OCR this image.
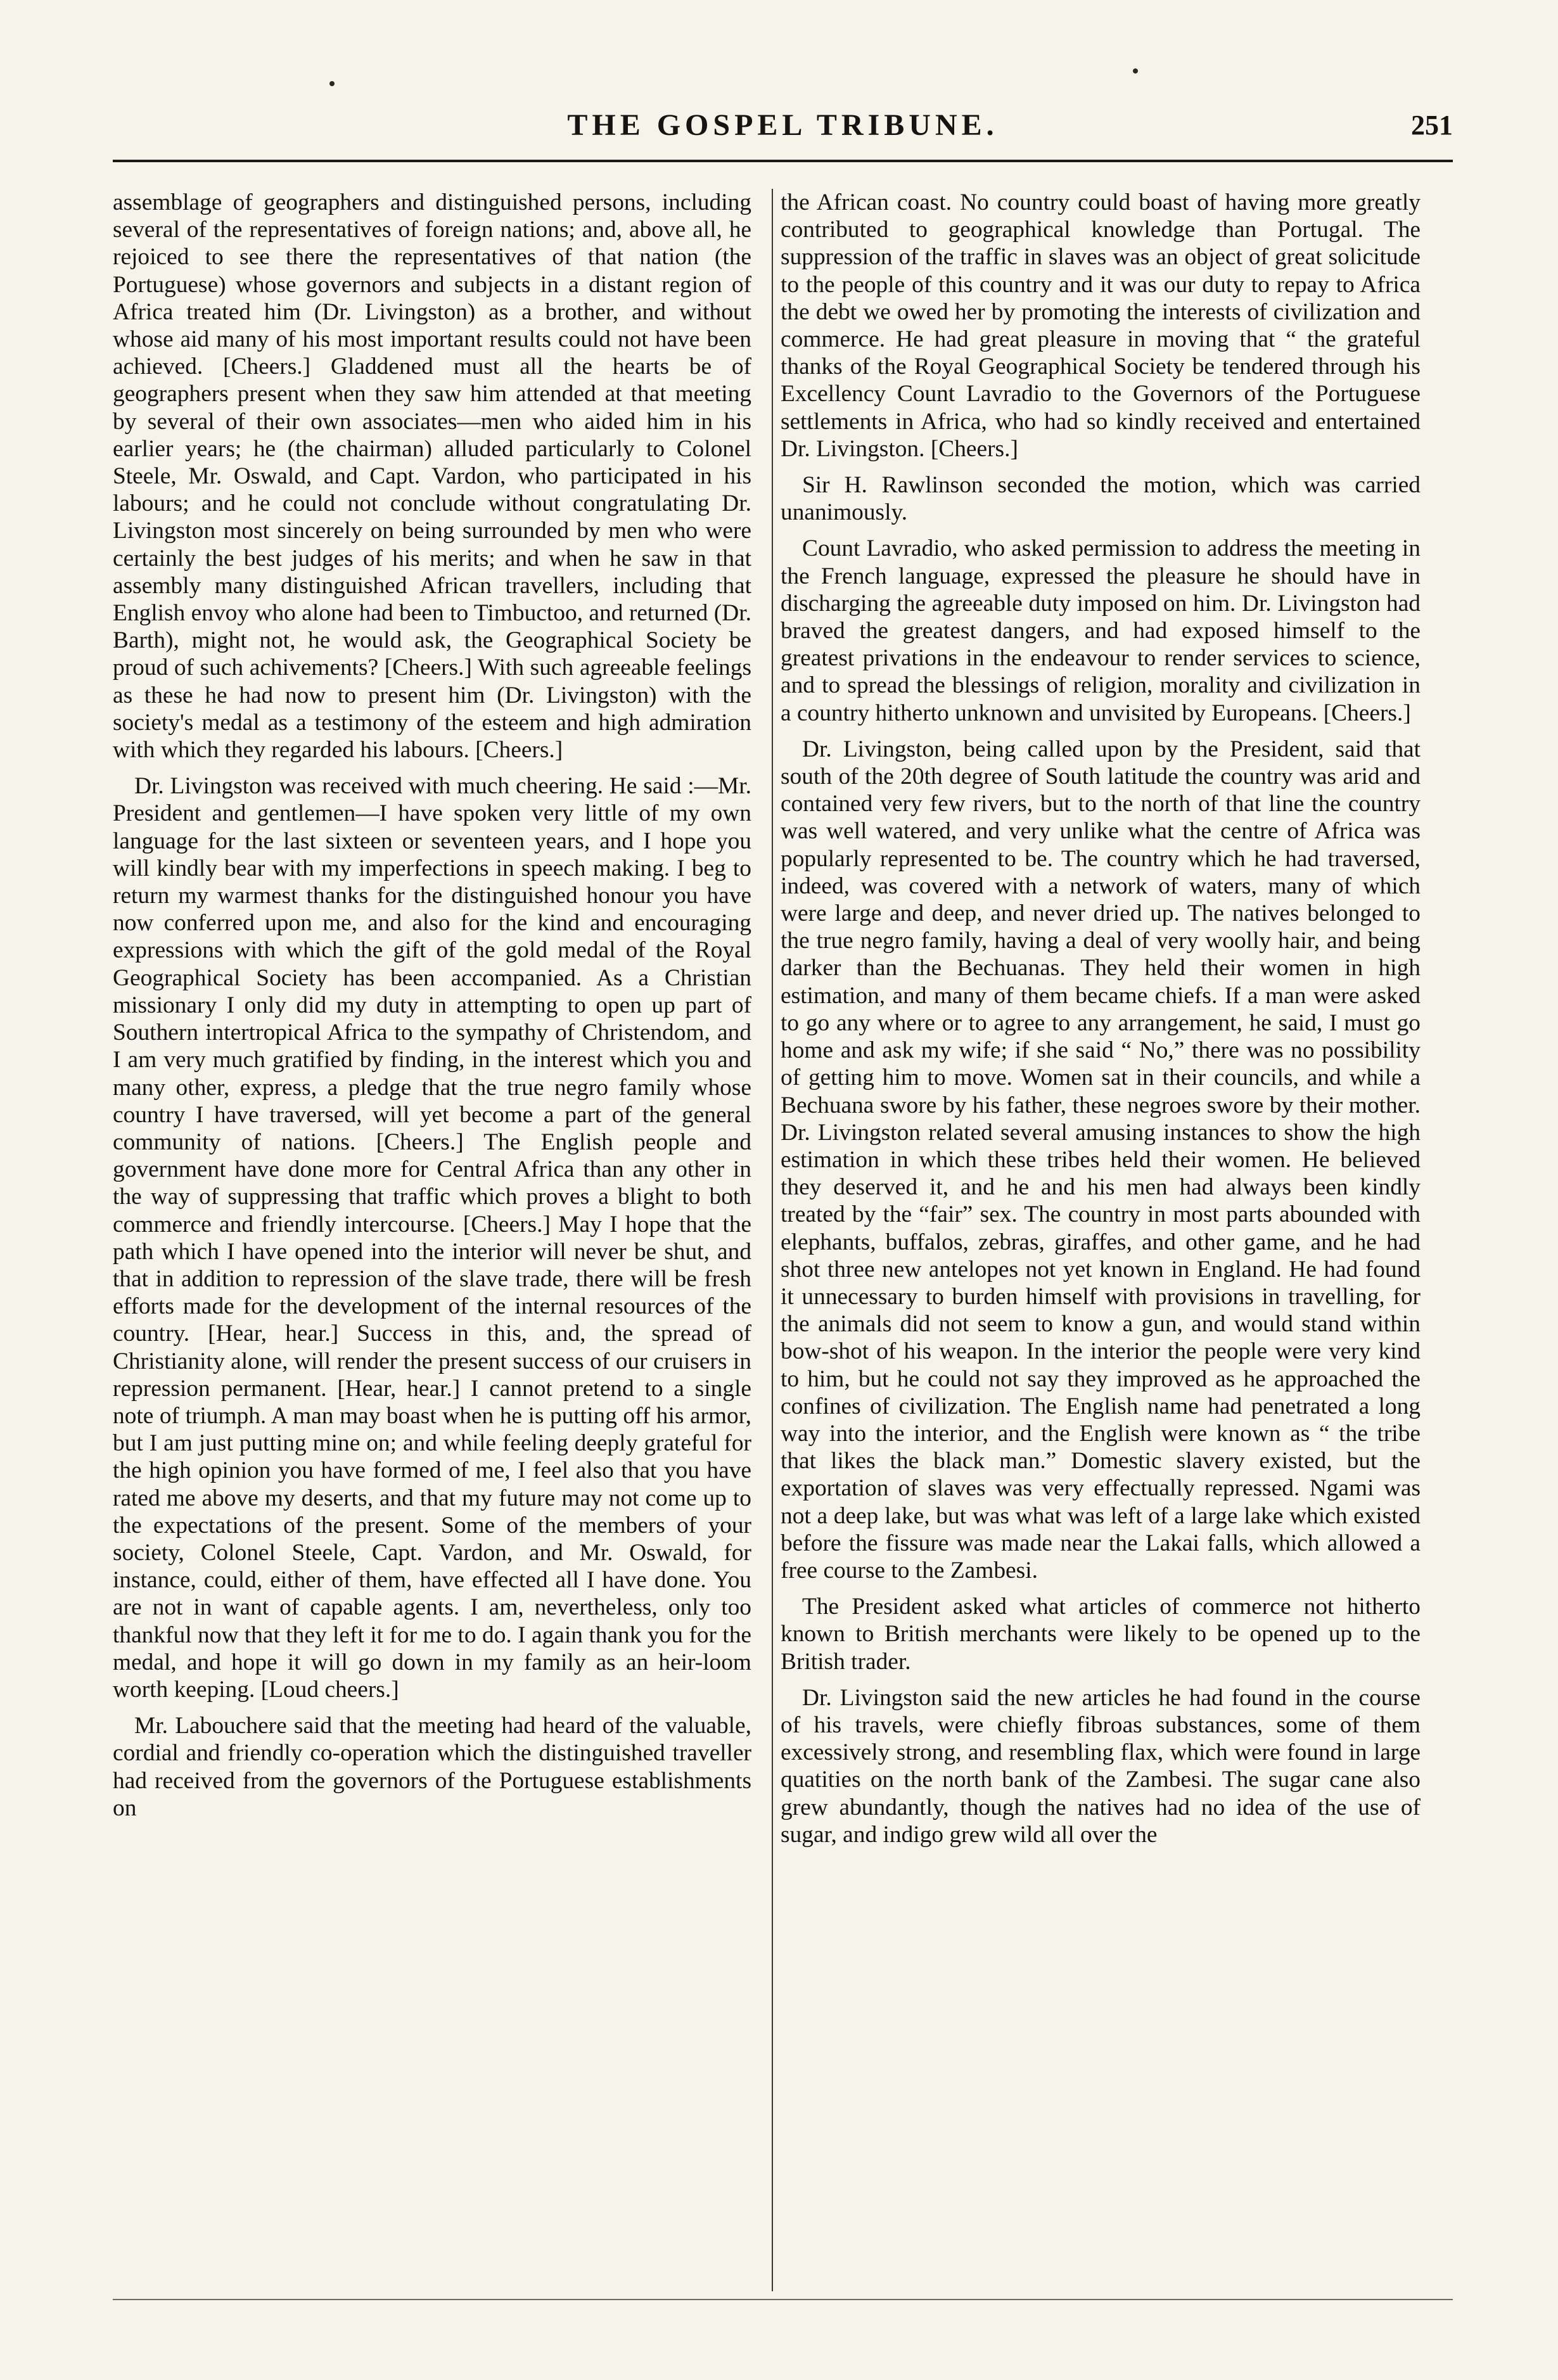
THE GOSPEL TRIBUNE.	251

assemblage of geographers and distinguished persons, including several of the representatives of foreign nations; and, above all, he rejoiced to see there the representatives of that nation (the Portuguese) whose governors and subjects in a distant region of Africa treated him (Dr. Livingston) as a brother, and without whose aid many of his most important results could not have been achieved. [Cheers.] Gladdened must all the hearts be of geographers present when they saw him attended at that meeting by several of their own associates—men who aided him in his earlier years; he (the chairman) alluded particularly to Colonel Steele, Mr. Oswald, and Capt. Vardon, who participated in his labours; and he could not conclude without congratulating Dr. Livingston most sincerely on being surrounded by men who were certainly the best judges of his merits; and when he saw in that assembly many distinguished African travellers, including that English envoy who alone had been to Timbuctoo, and returned (Dr. Barth), might not, he would ask, the Geographical Society be proud of such achivements? [Cheers.] With such agreeable feelings as these he had now to present him (Dr. Livingston) with the society's medal as a testimony of the esteem and high admiration with which they regarded his labours. [Cheers.]

Dr. Livingston was received with much cheering. He said :—Mr. President and gentlemen—I have spoken very little of my own language for the last sixteen or seventeen years, and I hope you will kindly bear with my imperfections in speech making. I beg to return my warmest thanks for the distinguished honour you have now conferred upon me, and also for the kind and encouraging expressions with which the gift of the gold medal of the Royal Geographical Society has been accompanied. As a Christian missionary I only did my duty in attempting to open up part of Southern intertropical Africa to the sympathy of Christendom, and I am very much gratified by finding, in the interest which you and many other, express, a pledge that the true negro family whose country I have traversed, will yet become a part of the general community of nations. [Cheers.] The English people and government have done more for Central Africa than any other in the way of suppressing that traffic which proves a blight to both commerce and friendly intercourse. [Cheers.] May I hope that the path which I have opened into the interior will never be shut, and that in addition to repression of the slave trade, there will be fresh efforts made for the development of the internal resources of the country. [Hear, hear.] Success in this, and, the spread of Christianity alone, will render the present success of our cruisers in repression permanent. [Hear, hear.] I cannot pretend to a single note of triumph. A man may boast when he is putting off his armor, but I am just putting mine on; and while feeling deeply grateful for the high opinion you have formed of me, I feel also that you have rated me above my deserts, and that my future may not come up to the expectations of the present. Some of the members of your society, Colonel Steele, Capt. Vardon, and Mr. Oswald, for instance, could, either of them, have effected all I have done. You are not in want of capable agents. I am, nevertheless, only too thankful now that they left it for me to do. I again thank you for the medal, and hope it will go down in my family as an heir-loom worth keeping. [Loud cheers.]

Mr. Labouchere said that the meeting had heard of the valuable, cordial and friendly co-operation which the distinguished traveller had received from the governors of the Portuguese establishments on

the African coast. No country could boast of having more greatly contributed to geographical knowledge than Portugal. The suppression of the traffic in slaves was an object of great solicitude to the people of this country and it was our duty to repay to Africa the debt we owed her by promoting the interests of civilization and commerce. He had great pleasure in moving that “ the grateful thanks of the Royal Geographical Society be tendered through his Excellency Count Lavradio to the Governors of the Portuguese settlements in Africa, who had so kindly received and entertained Dr. Livingston. [Cheers.]

Sir H. Rawlinson seconded the motion, which was carried unanimously.

Count Lavradio, who asked permission to address the meeting in the French language, expressed the pleasure he should have in discharging the agreeable duty imposed on him. Dr. Livingston had braved the greatest dangers, and had exposed himself to the greatest privations in the endeavour to render services to science, and to spread the blessings of religion, morality and civilization in a country hitherto unknown and unvisited by Europeans. [Cheers.]

Dr. Livingston, being called upon by the President, said that south of the 20th degree of South latitude the country was arid and contained very few rivers, but to the north of that line the country was well watered, and very unlike what the centre of Africa was popularly represented to be. The country which he had traversed, indeed, was covered with a network of waters, many of which were large and deep, and never dried up. The natives belonged to the true negro family, having a deal of very woolly hair, and being darker than the Bechuanas. They held their women in high estimation, and many of them became chiefs. If a man were asked to go any where or to agree to any arrangement, he said, I must go home and ask my wife; if she said “ No,” there was no possibility of getting him to move. Women sat in their councils, and while a Bechuana swore by his father, these negroes swore by their mother. Dr. Livingston related several amusing instances to show the high estimation in which these tribes held their women. He believed they deserved it, and he and his men had always been kindly treated by the “fair” sex. The country in most parts abounded with elephants, buffalos, zebras, giraffes, and other game, and he had shot three new antelopes not yet known in England. He had found it unnecessary to burden himself with provisions in travelling, for the animals did not seem to know a gun, and would stand within bow-shot of his weapon. In the interior the people were very kind to him, but he could not say they improved as he approached the confines of civilization. The English name had penetrated a long way into the interior, and the English were known as “ the tribe that likes the black man.” Domestic slavery existed, but the exportation of slaves was very effectually repressed. Ngami was not a deep lake, but was what was left of a large lake which existed before the fissure was made near the Lakai falls, which allowed a free course to the Zambesi.

The President asked what articles of commerce not hitherto known to British merchants were likely to be opened up to the British trader.

Dr. Livingston said the new articles he had found in the course of his travels, were chiefly fibroas substances, some of them excessively strong, and resembling flax, which were found in large quatities on the north bank of the Zambesi. The sugar cane also grew abundantly, though the natives had no idea of the use of sugar, and indigo grew wild all over the
